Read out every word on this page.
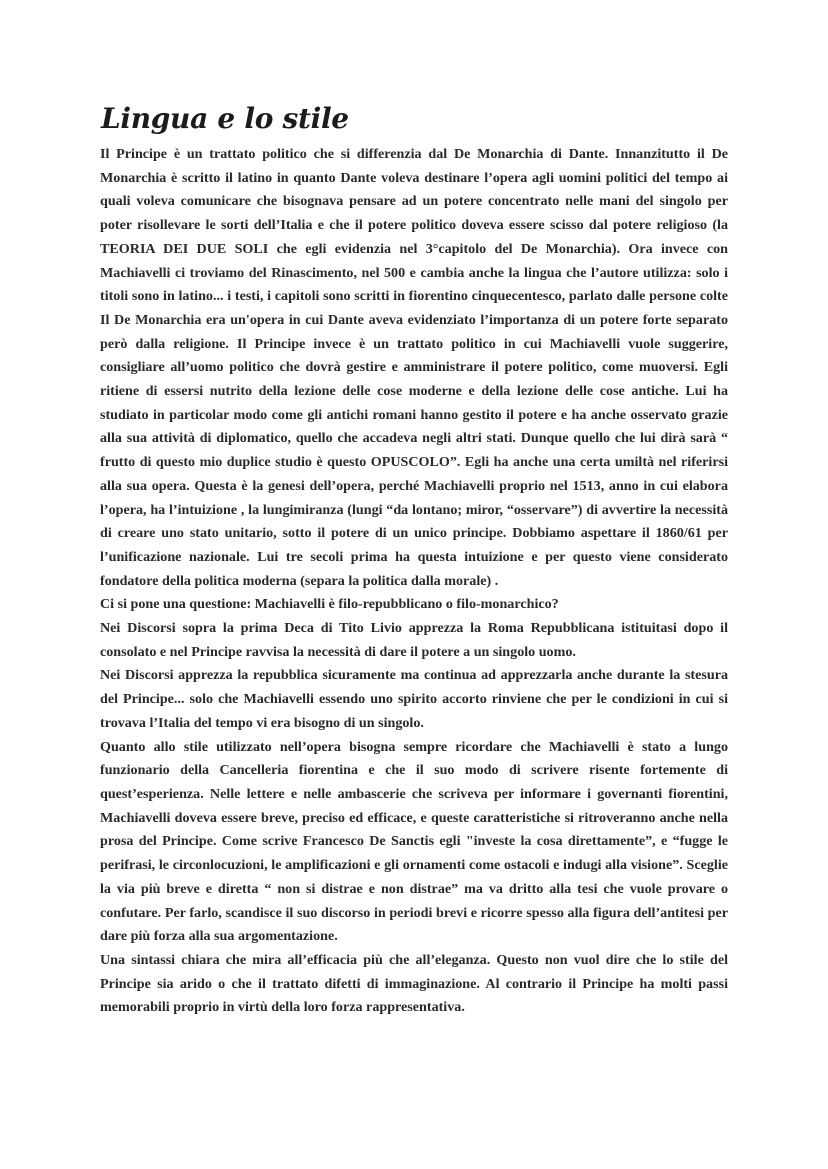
Lingua e lo stile

Il Principe è un trattato politico che si differenzia dal De Monarchia di Dante. Innanzitutto il De Monarchia è scritto il latino in quanto Dante voleva destinare l’opera agli uomini politici del tempo ai quali voleva comunicare che bisognava pensare ad un potere concentrato nelle mani del singolo per poter risollevare le sorti dell’Italia e che il potere politico doveva essere scisso dal potere religioso (la TEORIA DEI DUE SOLI che egli evidenzia nel 3°capitolo del De Monarchia). Ora invece con Machiavelli ci troviamo del Rinascimento, nel 500 e cambia anche la lingua che l’autore utilizza: solo i titoli sono in latino... i testi, i capitoli sono scritti in fiorentino cinquecentesco, parlato dalle persone colte Il De Monarchia era un'opera in cui Dante aveva evidenziato l’importanza di un potere forte separato però dalla religione. Il Principe invece è un trattato politico in cui Machiavelli vuole suggerire, consigliare all’uomo politico che dovrà gestire e amministrare il potere politico, come muoversi. Egli ritiene di essersi nutrito della lezione delle cose moderne e della lezione delle cose antiche. Lui ha studiato in particolar modo come gli antichi romani hanno gestito il potere e ha anche osservato grazie alla sua attività di diplomatico, quello che accadeva negli altri stati. Dunque quello che lui dirà sarà “ frutto di questo mio duplice studio è questo OPUSCOLO”. Egli ha anche una certa umiltà nel riferirsi alla sua opera. Questa è la genesi dell’opera, perché Machiavelli proprio nel 1513, anno in cui elabora l’opera, ha l’intuizione , la lungimiranza (lungi “da lontano; miror, “osservare”) di avvertire la necessità di creare uno stato unitario, sotto il potere di un unico principe. Dobbiamo aspettare il 1860/61 per l’unificazione nazionale. Lui tre secoli prima ha questa intuizione e per questo viene considerato fondatore della politica moderna (separa la politica dalla morale) .

Ci si pone una questione: Machiavelli è filo-repubblicano o filo-monarchico?

Nei Discorsi sopra la prima Deca di Tito Livio apprezza la Roma Repubblicana istituitasi dopo il consolato e nel Principe ravvisa la necessità di dare il potere a un singolo uomo.

Nei Discorsi apprezza la repubblica sicuramente ma continua ad apprezzarla anche durante la stesura del Principe... solo che Machiavelli essendo uno spirito accorto rinviene che per le condizioni in cui si trovava l’Italia del tempo vi era bisogno di un singolo.

Quanto allo stile utilizzato nell’opera bisogna sempre ricordare che Machiavelli è stato a lungo funzionario della Cancelleria fiorentina e che il suo modo di scrivere risente fortemente di quest’esperienza. Nelle lettere e nelle ambascerie che scriveva per informare i governanti fiorentini, Machiavelli doveva essere breve, preciso ed efficace, e queste caratteristiche si ritroveranno anche nella prosa del Principe. Come scrive Francesco De Sanctis egli "investe la cosa direttamente”, e “fugge le perifrasi, le circonlocuzioni, le amplificazioni e gli ornamenti come ostacoli e indugi alla visione”. Sceglie la via più breve e diretta “ non si distrae e non distrae” ma va dritto alla tesi che vuole provare o confutare. Per farlo, scandisce il suo discorso in periodi brevi e ricorre spesso alla figura dell’antitesi per dare più forza alla sua argomentazione.

Una sintassi chiara che mira all’efficacia più che all’eleganza. Questo non vuol dire che lo stile del Principe sia arido o che il trattato difetti di immaginazione. Al contrario il Principe ha molti passi memorabili proprio in virtù della loro forza rappresentativa.
